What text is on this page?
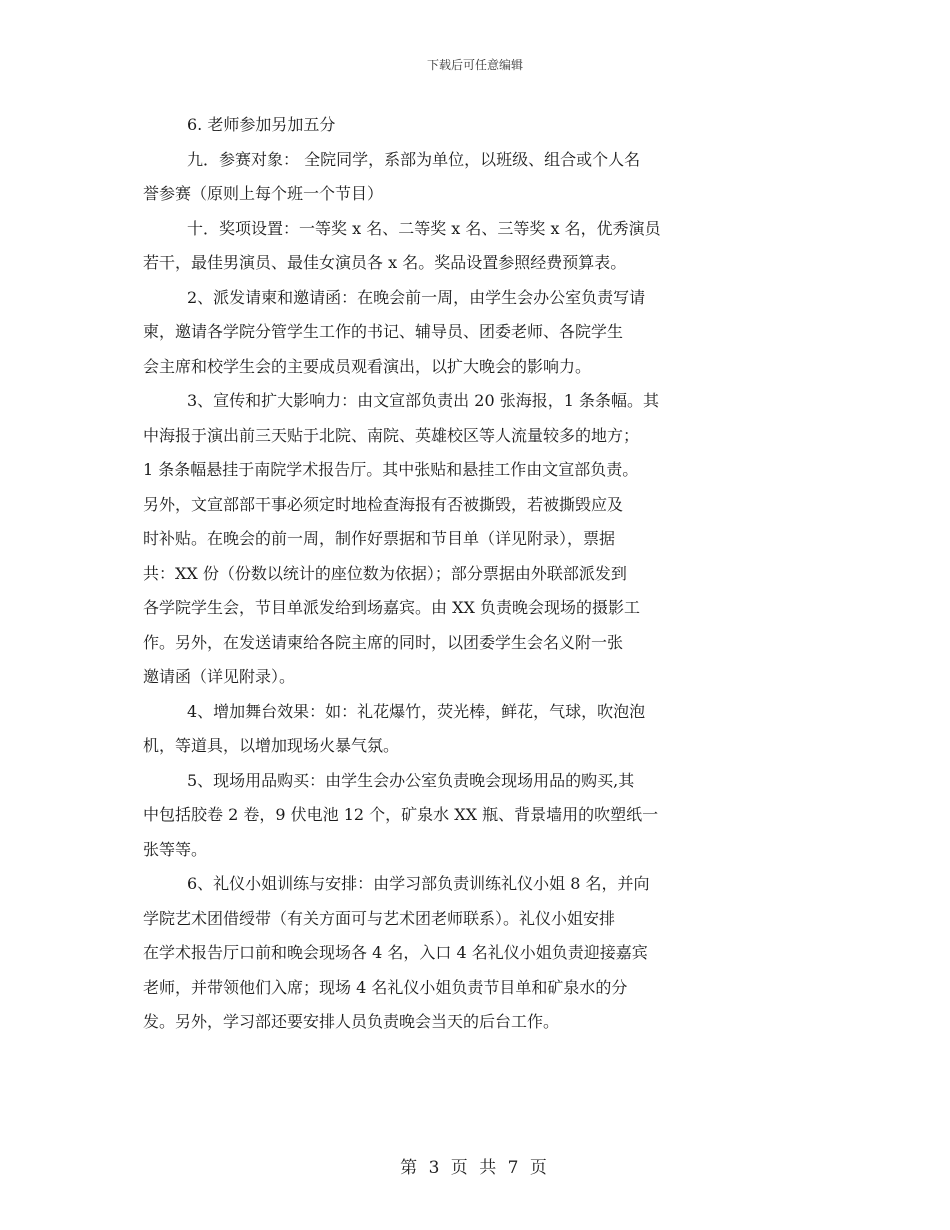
下载后可任意编辑
6. 老师参加另加五分
九．参赛对象： 全院同学，系部为单位，以班级、组合或个人名
誉参赛（原则上每个班一个节目）
十．奖项设置：一等奖 x 名、二等奖 x 名、三等奖 x 名，优秀演员
若干，最佳男演员、最佳女演员各 x 名。奖品设置参照经费预算表。
2、派发请柬和邀请函：在晚会前一周，由学生会办公室负责写请
柬，邀请各学院分管学生工作的书记、辅导员、团委老师、各院学生
会主席和校学生会的主要成员观看演出，以扩大晚会的影响力。
3、宣传和扩大影响力：由文宣部负责出 20 张海报，1 条条幅。其
中海报于演出前三天贴于北院、南院、英雄校区等人流量较多的地方；
1 条条幅悬挂于南院学术报告厅。其中张贴和悬挂工作由文宣部负责。
另外，文宣部部干事必须定时地检查海报有否被撕毁，若被撕毁应及
时补贴。在晚会的前一周，制作好票据和节目单（详见附录），票据
共：XX 份（份数以统计的座位数为依据）；部分票据由外联部派发到
各学院学生会，节目单派发给到场嘉宾。由 XX 负责晚会现场的摄影工
作。另外，在发送请柬给各院主席的同时，以团委学生会名义附一张
邀请函（详见附录）。
4、增加舞台效果：如：礼花爆竹，荧光棒，鲜花，气球，吹泡泡
机，等道具，以增加现场火暴气氛。
5、现场用品购买：由学生会办公室负责晚会现场用品的购买,其
中包括胶卷 2 卷，9 伏电池 12 个，矿泉水 XX 瓶、背景墙用的吹塑纸一
张等等。
6、礼仪小姐训练与安排：由学习部负责训练礼仪小姐 8 名，并向
学院艺术团借绶带（有关方面可与艺术团老师联系）。礼仪小姐安排
在学术报告厅口前和晚会现场各 4 名，入口 4 名礼仪小姐负责迎接嘉宾
老师，并带领他们入席；现场 4 名礼仪小姐负责节目单和矿泉水的分
发。另外，学习部还要安排人员负责晚会当天的后台工作。
第 3 页 共 7 页
